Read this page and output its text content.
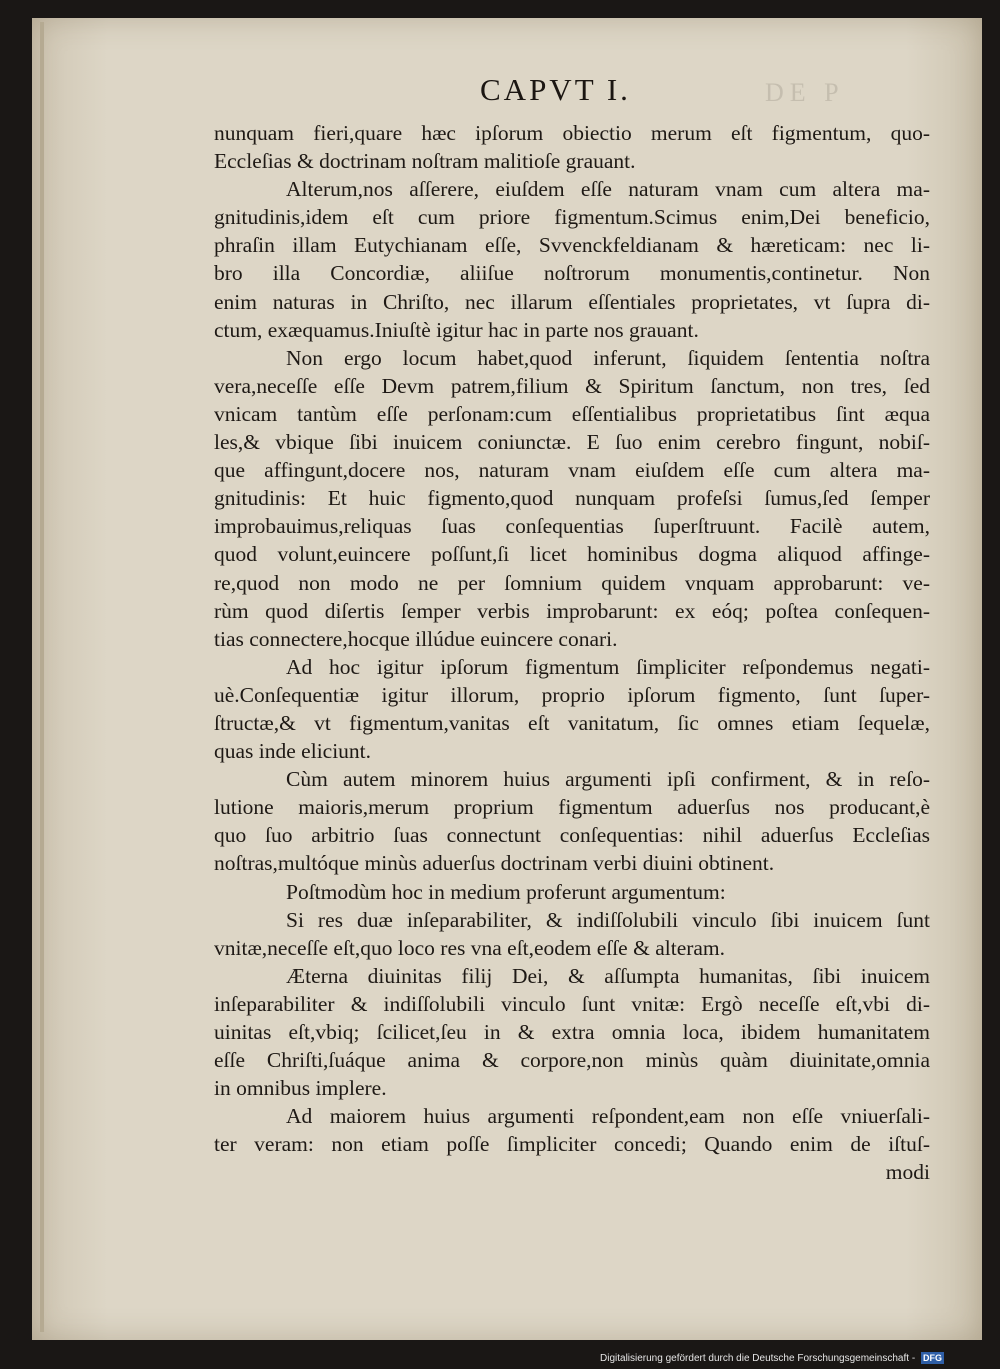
CAPVT I.	DE P
nunquam fieri,quare hæc ipſorum obiectio merum eſt figmentum, quo-
Eccleſias & doctrinam noſtram malitioſe grauant.
Alterum,nos aſſerere, eiuſdem eſſe naturam vnam cum altera ma-
gnitudinis,idem eſt cum priore figmentum.Scimus enim,Dei beneficio,
phraſin illam Eutychianam eſſe, Svvenckfeldianam & hæreticam: nec li-
bro illa Concordiæ, aliiſue noſtrorum monumentis,continetur. Non
enim naturas in Chriſto, nec illarum eſſentiales proprietates, vt ſupra di-
ctum, exæquamus.Iniuſtè igitur hac in parte nos grauant.
Non ergo locum habet,quod inferunt, ſiquidem ſententia noſtra
vera,neceſſe eſſe Devm patrem,filium & Spiritum ſanctum, non tres, ſed
vnicam tantùm eſſe perſonam:cum eſſentialibus proprietatibus ſint æqua
les,& vbique ſibi inuicem coniunctæ. E ſuo enim cerebro fingunt, nobiſ-
que affingunt,docere nos, naturam vnam eiuſdem eſſe cum altera ma-
gnitudinis: Et huic figmento,quod nunquam profeſsi ſumus,ſed ſemper
improbauimus,reliquas ſuas conſequentias ſuperſtruunt. Facilè autem,
quod volunt,euincere poſſunt,ſi licet hominibus dogma aliquod affinge-
re,quod non modo ne per ſomnium quidem vnquam approbarunt: ve-
rùm quod diſertis ſemper verbis improbarunt: ex eóq; poſtea conſequen-
tias connectere,hocque illúdue euincere conari.
Ad hoc igitur ipſorum figmentum ſimpliciter reſpondemus negati-
uè.Conſequentiæ igitur illorum, proprio ipſorum figmento, ſunt ſuper-
ſtructæ,& vt figmentum,vanitas eſt vanitatum, ſic omnes etiam ſequelæ,
quas inde eliciunt.
Cùm autem minorem huius argumenti ipſi confirment, & in reſo-
lutione maioris,merum proprium figmentum aduerſus nos producant,è
quo ſuo arbitrio ſuas connectunt conſequentias: nihil aduerſus Eccleſias
noſtras,multóque minùs aduerſus doctrinam verbi diuini obtinent.
Poſtmodùm hoc in medium proferunt argumentum:
Si res duæ inſeparabiliter, & indiſſolubili vinculo ſibi inuicem ſunt
vnitæ,neceſſe eſt,quo loco res vna eſt,eodem eſſe & alteram.
Æterna diuinitas filij Dei, & aſſumpta humanitas, ſibi inuicem
inſeparabiliter & indiſſolubili vinculo ſunt vnitæ: Ergò neceſſe eſt,vbi di-
uinitas eſt,vbiq; ſcilicet,ſeu in & extra omnia loca, ibidem humanitatem
eſſe Chriſti,ſuáque anima & corpore,non minùs quàm diuinitate,omnia
in omnibus implere.
Ad maiorem huius argumenti reſpondent,eam non eſſe vniuerſali-
ter veram: non etiam poſſe ſimpliciter concedi; Quando enim de iſtuſ-
modi
Digitalisierung gefördert durch die Deutsche Forschungsgemeinschaft - DFG
